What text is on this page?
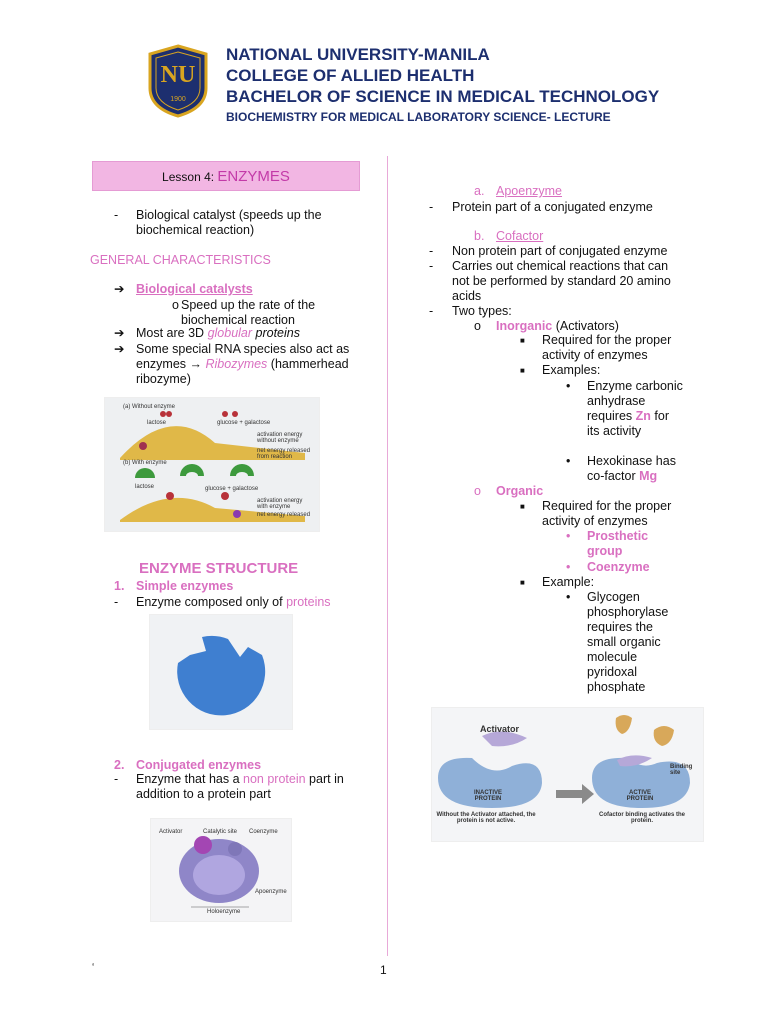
NU
1900
NATIONAL UNIVERSITY-MANILA
COLLEGE OF ALLIED HEALTH
BACHELOR OF SCIENCE IN MEDICAL TECHNOLOGY
BIOCHEMISTRY FOR MEDICAL LABORATORY SCIENCE- LECTURE
Lesson 4: ENZYMES
- Biological catalyst (speeds up the biochemical reaction)
GENERAL CHARACTERISTICS
➔ Biological catalysts
o Speed up the rate of the biochemical reaction
➔ Most are 3D globular proteins
➔ Some special RNA species also act as enzymes → Ribozymes (hammerhead ribozyme)
(a) Without enzyme
lactose	glucose + galactose
activation energy without enzyme
net energy released from reaction
(b) With enzyme
lactose	glucose + galactose
activation energy with enzyme
net energy released
ENZYME STRUCTURE
1. Simple enzymes
- Enzyme composed only of proteins
2. Conjugated enzymes
- Enzyme that has a non protein part in addition to a protein part
Activator	Catalytic site Coenzyme
Apoenzyme
Holoenzyme
a. Apoenzyme
- Protein part of a conjugated enzyme
b. Cofactor
- Non protein part of conjugated enzyme
- Carries out chemical reactions that can not be performed by standard 20 amino acids
- Two types:
o Inorganic (Activators)
■ Required for the proper activity of enzymes
■ Examples:
• Enzyme carbonic anhydrase requires Zn for its activity
• Hexokinase has co-factor Mg
o Organic
■ Required for the proper activity of enzymes
• Prosthetic group
• Coenzyme
■ Example:
• Glycogen phosphorylase requires the small organic molecule pyridoxal phosphate
Activator
INACTIVE PROTEIN
ACTIVE PROTEIN
Binding site
Without the Activator attached, the protein is not active.
Cofactor binding activates the protein.
‘	1
